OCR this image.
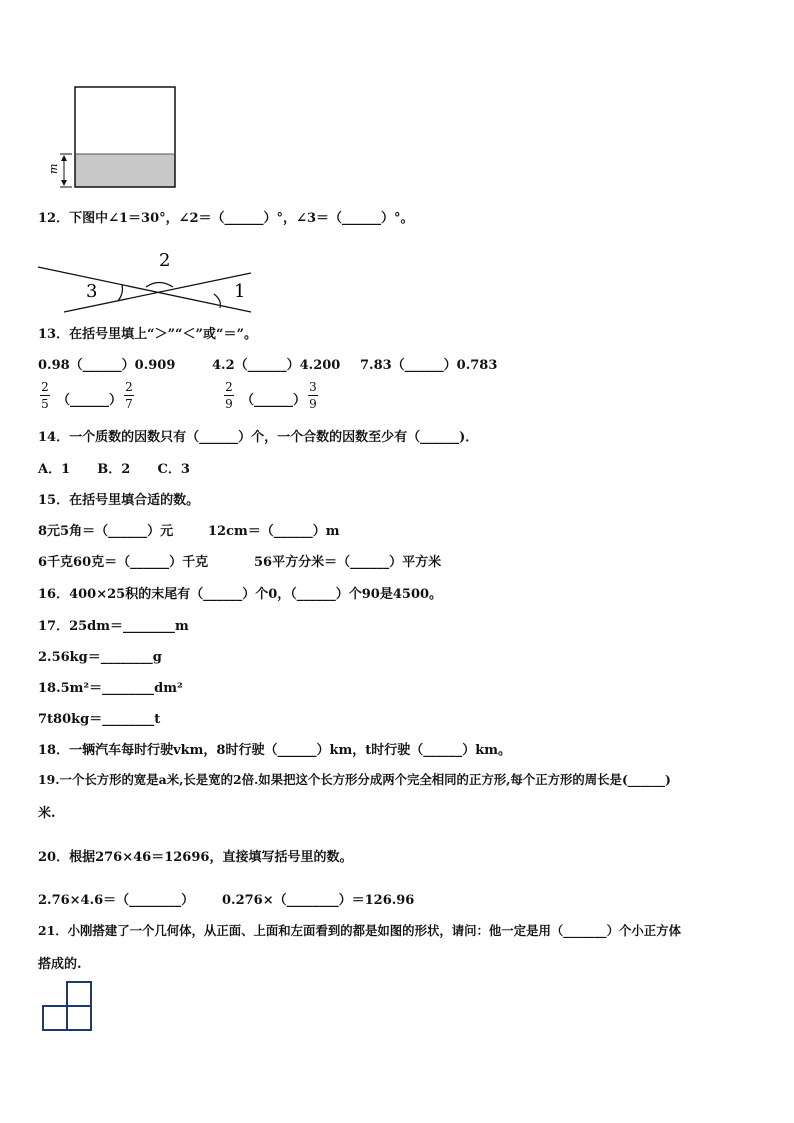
m
12．下图中∠1＝30°，∠2＝（______）°，∠3＝（______）°。
2
3	1
13．在括号里填上“＞”“＜”或“＝”。
0.98（______）0.909	4.2（______）4.200 7.83（______）0.783
2
5 （______）
2
7
2
9 （______）
3
9
14．一个质数的因数只有（______）个，一个合数的因数至少有（______)．
A．1      B．2      C．3
15．在括号里填合适的数。
8元5角＝（______）元	12cm＝（______）m
6千克60克＝（______）千克	56平方分米＝（______）平方米
16．400×25积的末尾有（______）个0，（______）个90是4500。
17．25dm＝________m
2.56kg＝________g
18.5m²＝________dm²
7t80kg＝________t
18．一辆汽车每时行驶vkm，8时行驶（______）km，t时行驶（______）km。
19.一个长方形的宽是a米,长是宽的2倍.如果把这个长方形分成两个完全相同的正方形,每个正方形的周长是(______)
米.
20．根据276×46＝12696，直接填写括号里的数。
2.76×4.6＝（________） 0.276×（________）＝126.96
21．小刚搭建了一个几何体，从正面、上面和左面看到的都是如图的形状，请问：他一定是用（_______）个小正方体
搭成的.
